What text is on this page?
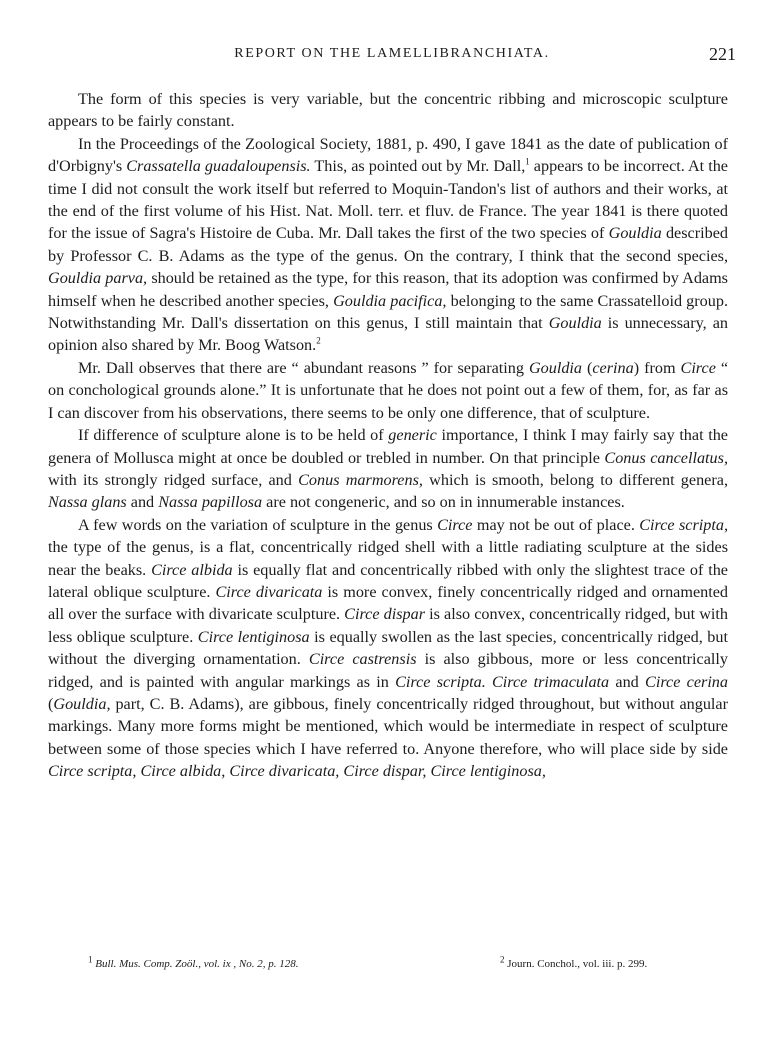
REPORT ON THE LAMELLIBRANCHIATA.	221

The form of this species is very variable, but the concentric ribbing and microscopic sculpture appears to be fairly constant.

In the Proceedings of the Zoological Society, 1881, p. 490, I gave 1841 as the date of publication of d'Orbigny's Crassatella guadaloupensis. This, as pointed out by Mr. Dall,$^1$ appears to be incorrect. At the time I did not consult the work itself but referred to Moquin-Tandon's list of authors and their works, at the end of the first volume of his Hist. Nat. Moll. terr. et fluv. de France. The year 1841 is there quoted for the issue of Sagra's Histoire de Cuba. Mr. Dall takes the first of the two species of Gouldia described by Professor C. B. Adams as the type of the genus. On the contrary, I think that the second species, Gouldia parva, should be retained as the type, for this reason, that its adoption was confirmed by Adams himself when he described another species, Gouldia pacifica, belonging to the same Crassatelloid group. Notwithstanding Mr. Dall's dissertation on this genus, I still maintain that Gouldia is unnecessary, an opinion also shared by Mr. Boog Watson.$^2$

Mr. Dall observes that there are “ abundant reasons ” for separating Gouldia (cerina) from Circe “ on conchological grounds alone.” It is unfortunate that he does not point out a few of them, for, as far as I can discover from his observations, there seems to be only one difference, that of sculpture.

If difference of sculpture alone is to be held of generic importance, I think I may fairly say that the genera of Mollusca might at once be doubled or trebled in number. On that principle Conus cancellatus, with its strongly ridged surface, and Conus marmorens, which is smooth, belong to different genera, Nassa glans and Nassa papillosa are not congeneric, and so on in innumerable instances.

A few words on the variation of sculpture in the genus Circe may not be out of place. Circe scripta, the type of the genus, is a flat, concentrically ridged shell with a little radiating sculpture at the sides near the beaks. Circe albida is equally flat and concentrically ribbed with only the slightest trace of the lateral oblique sculpture. Circe divaricata is more convex, finely concentrically ridged and ornamented all over the surface with divaricate sculpture. Circe dispar is also convex, concentrically ridged, but with less oblique sculpture. Circe lentiginosa is equally swollen as the last species, concentrically ridged, but without the diverging ornamentation. Circe castrensis is also gibbous, more or less concentrically ridged, and is painted with angular markings as in Circe scripta. Circe trimaculata and Circe cerina (Gouldia, part, C. B. Adams), are gibbous, finely concentrically ridged throughout, but without angular markings. Many more forms might be mentioned, which would be intermediate in respect of sculpture between some of those species which I have referred to. Anyone therefore, who will place side by side Circe scripta, Circe albida, Circe divaricata, Circe dispar, Circe lentiginosa,

$^1$ Bull. Mus. Comp. Zoöl., vol. ix , No. 2, p. 128.	$^2$ Journ. Conchol., vol. iii. p. 299.
